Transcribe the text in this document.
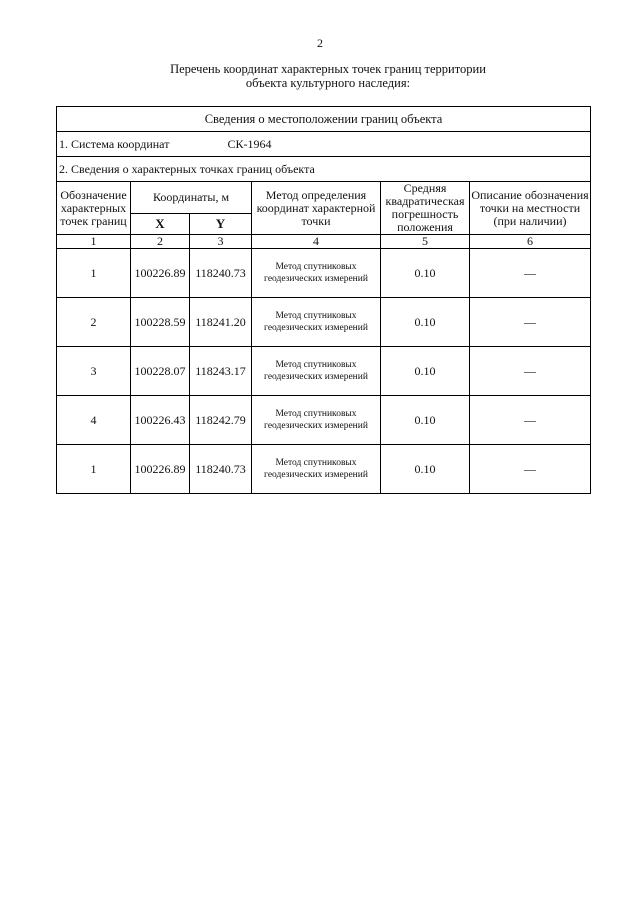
2
Перечень координат характерных точек границ территории
объекта культурного наследия:
Сведения о местоположении границ объекта					
1. Система координат СК-1964					
2. Сведения о характерных точках границ объекта					
Обозначение характерных точек границ	Координаты, м		Метод определения координат характерной точки	Средняя квадратическая погрешность положения	Описание обозначения точки на местности (при наличии)
	X	Y			
1	2	3	4	5	6
1	100226.89	118240.73	Метод спутниковых геодезических измерений	0.10	—
2	100228.59	118241.20	Метод спутниковых геодезических измерений	0.10	—
3	100228.07	118243.17	Метод спутниковых геодезических измерений	0.10	—
4	100226.43	118242.79	Метод спутниковых геодезических измерений	0.10	—
1	100226.89	118240.73	Метод спутниковых геодезических измерений	0.10	—
